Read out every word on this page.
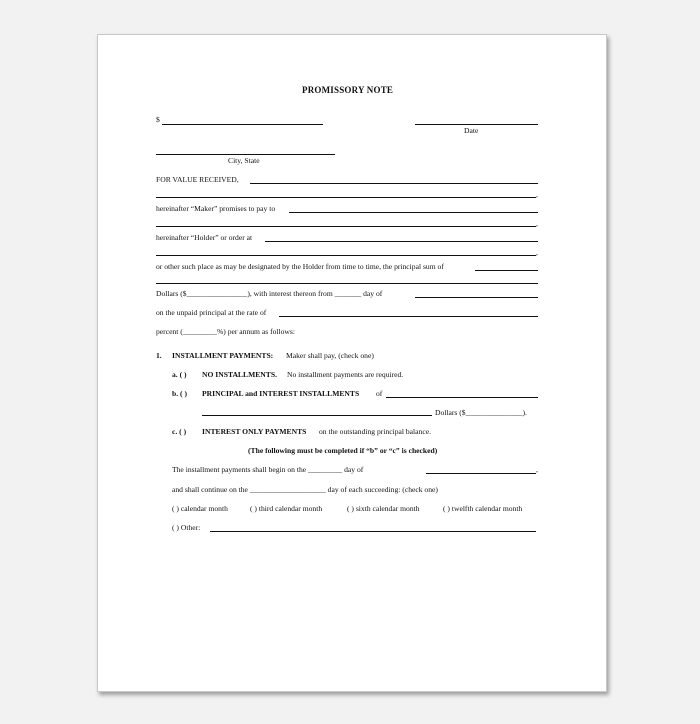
PROMISSORY NOTE
$
Date
City, State
FOR VALUE RECEIVED,
,
hereinafter “Maker” promises to pay to
,
hereinafter “Holder” or order at
,
or other such place as may be designated by the Holder from time to time, the principal sum of
Dollars ($________________), with interest thereon from _______ day of
on the unpaid principal at the rate of
percent (_________%) per annum as follows:
1. INSTALLMENT PAYMENTS: Maker shall pay, (check one)
a. ( ) NO INSTALLMENTS. No installment payments are required.
b. ( ) PRINCIPAL and INTEREST INSTALLMENTS of
Dollars ($_______________).
c. ( ) INTEREST ONLY PAYMENTS on the outstanding principal balance.
(The following must be completed if “b” or “c” is checked)
The installment payments shall begin on the _________ day of	,
and shall continue on the ____________________ day of each succeeding: (check one)
( ) calendar month	( ) third calendar month	( ) sixth calendar month	( ) twelfth calendar month
( ) Other:
